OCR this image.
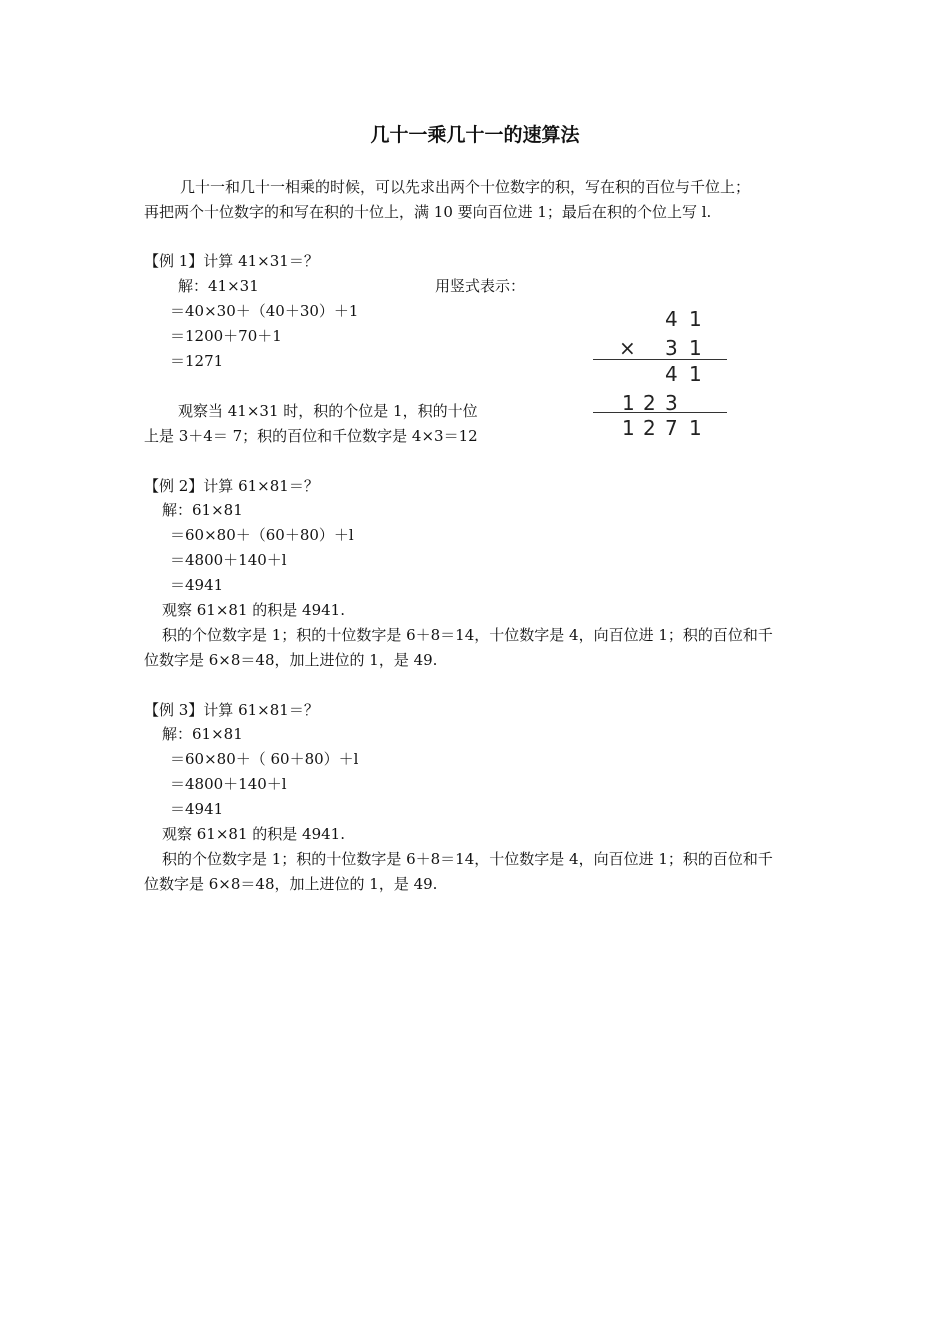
几十一乘几十一的速算法
几十一和几十一相乘的时候，可以先求出两个十位数字的积，写在积的百位与千位上；
再把两个十位数字的和写在积的十位上，满 10 要向百位进 1；最后在积的个位上写 l.
【例 1】计算 41×31＝？
解：41×31
＝40×30＋（40＋30）＋1
＝1200＋70＋1
＝1271
用竖式表示：
观察当 41×31 时，积的个位是 1，积的十位
上是 3＋4＝ 7；积的百位和千位数字是 4×3＝12
4 1
× 3 1
4 1
1 2 3
1 2 7 1
【例 2】计算 61×81＝？
解：61×81
＝60×80＋（60＋80）＋l
＝4800＋140＋l
＝4941
观察 61×81 的积是 4941.
积的个位数字是 1；积的十位数字是 6＋8＝14，十位数字是 4，向百位进 1；积的百位和千
位数字是 6×8＝48，加上进位的 1，是 49.
【例 3】计算 61×81＝？
解：61×81
＝60×80＋（ 60＋80）＋l
＝4800＋140＋l
＝4941
观察 61×81 的积是 4941.
积的个位数字是 1；积的十位数字是 6＋8＝14，十位数字是 4，向百位进 1；积的百位和千
位数字是 6×8＝48，加上进位的 1，是 49.
